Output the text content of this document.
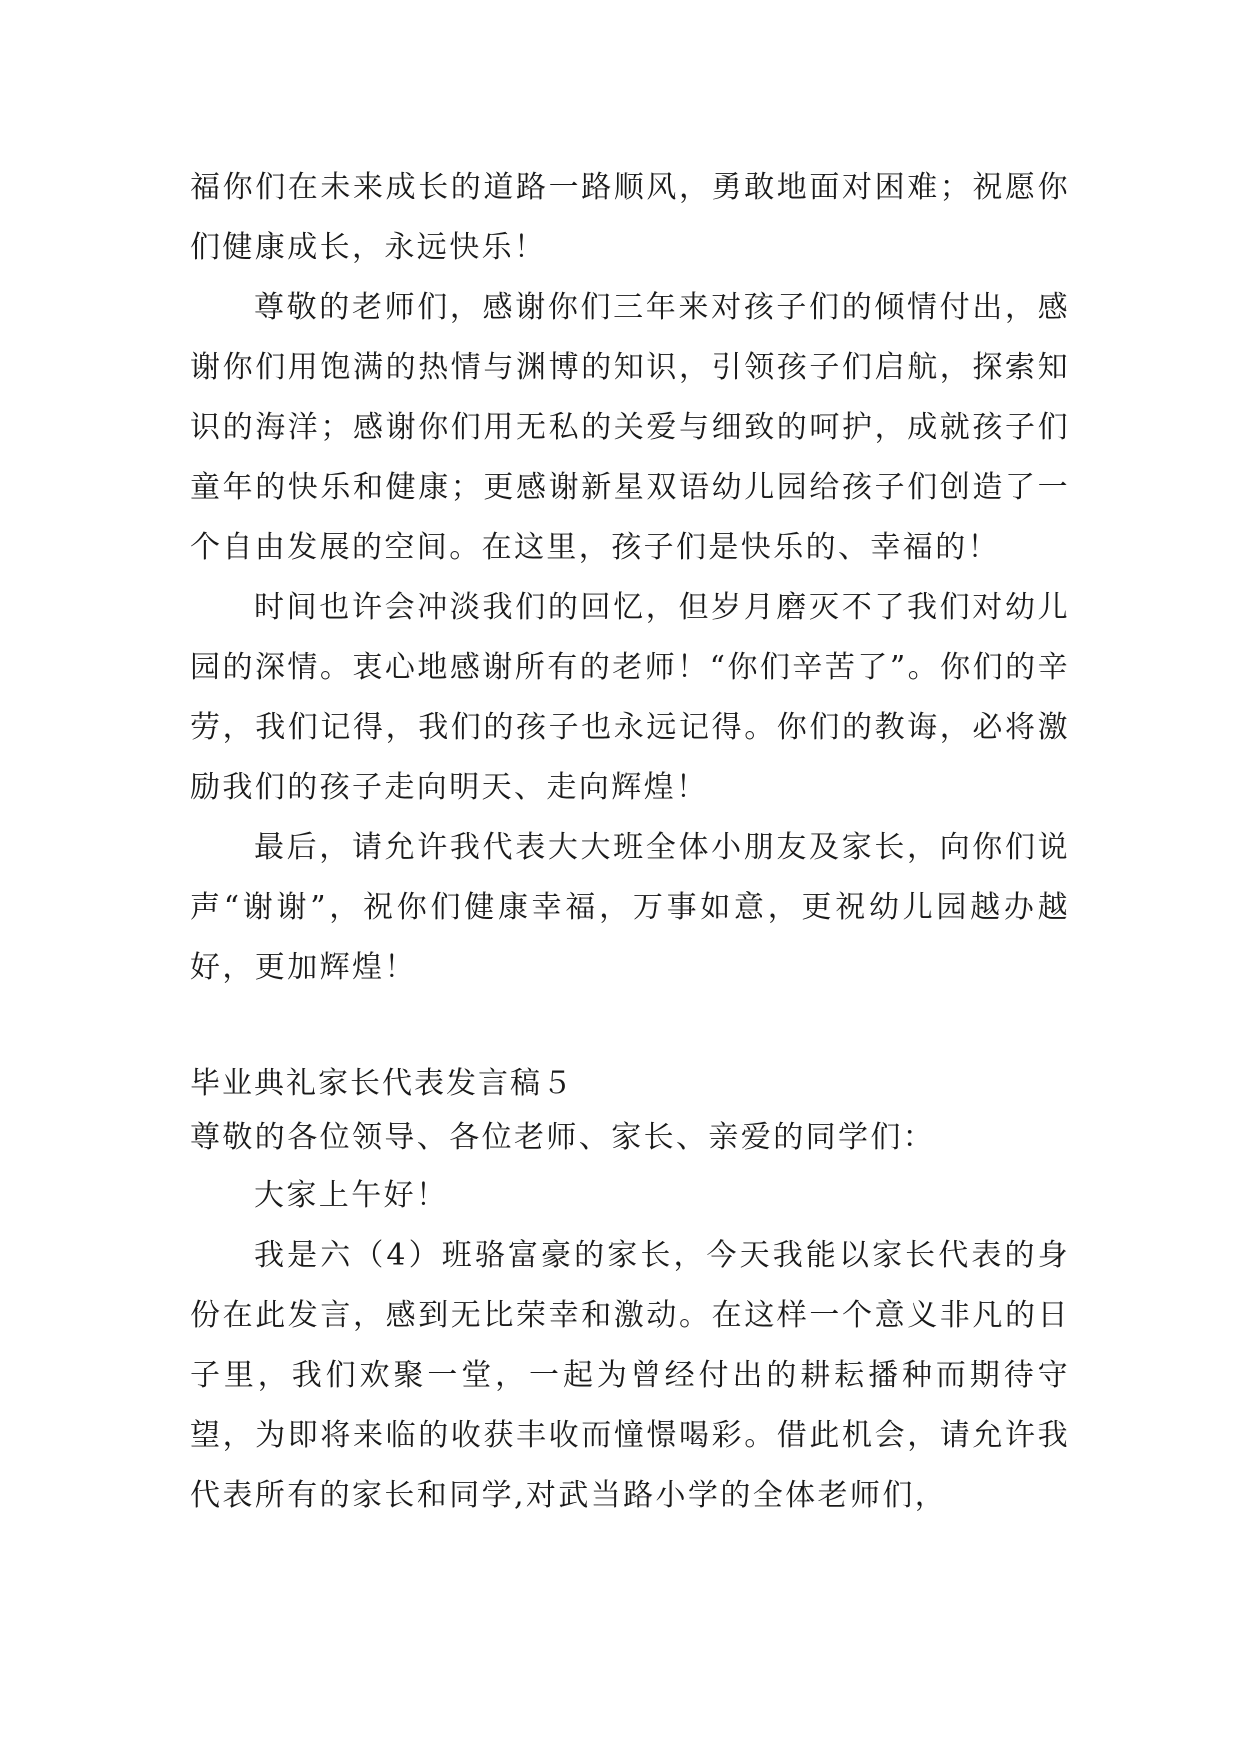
福你们在未来成长的道路一路顺风，勇敢地面对困难；祝愿你们健康成长，永远快乐！

尊敬的老师们，感谢你们三年来对孩子们的倾情付出，感谢你们用饱满的热情与渊博的知识，引领孩子们启航，探索知识的海洋；感谢你们用无私的关爱与细致的呵护，成就孩子们童年的快乐和健康；更感谢新星双语幼儿园给孩子们创造了一个自由发展的空间。在这里，孩子们是快乐的、幸福的！

时间也许会冲淡我们的回忆，但岁月磨灭不了我们对幼儿园的深情。衷心地感谢所有的老师！“你们辛苦了”。你们的辛劳，我们记得，我们的孩子也永远记得。你们的教诲，必将激励我们的孩子走向明天、走向辉煌！

最后，请允许我代表大大班全体小朋友及家长，向你们说声“谢谢”，祝你们健康幸福，万事如意，更祝幼儿园越办越好，更加辉煌！

毕业典礼家长代表发言稿５

尊敬的各位领导、各位老师、家长、亲爱的同学们：

大家上午好！

我是六（4）班骆富豪的家长，今天我能以家长代表的身份在此发言，感到无比荣幸和激动。在这样一个意义非凡的日子里，我们欢聚一堂，一起为曾经付出的耕耘播种而期待守望，为即将来临的收获丰收而憧憬喝彩。借此机会，请允许我代表所有的家长和同学,对武当路小学的全体老师们，
